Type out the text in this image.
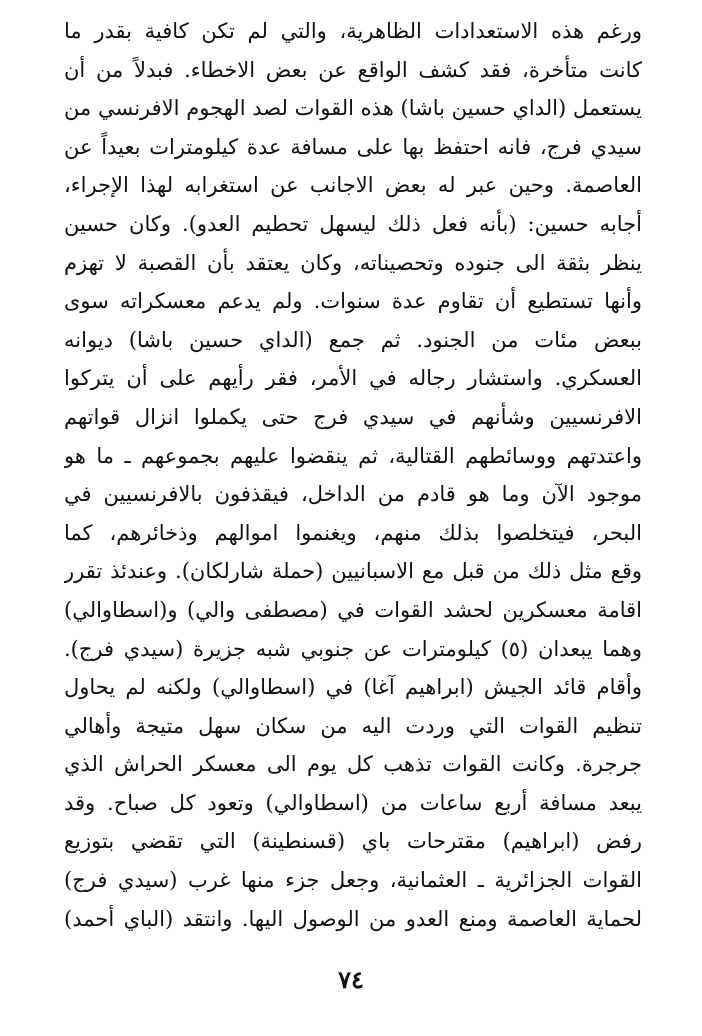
ورغم هذه الاستعدادات الظاهرية، والتي لم تكن كافية بقدر ما
كانت متأخرة، فقد كشف الواقع عن بعض الاخطاء. فبدلاً من أن
يستعمل (الداي حسين باشا) هذه القوات لصد الهجوم الافرنسي من
سيدي فرج، فانه احتفظ بها على مسافة عدة كيلومترات بعيداً عن
العاصمة. وحين عبر له بعض الاجانب عن استغرابه لهذا الإجراء،
أجابه حسين: (بأنه فعل ذلك ليسهل تحطيم العدو). وكان حسين
ينظر بثقة الى جنوده وتحصيناته، وكان يعتقد بأن القصبة لا تهزم
وأنها تستطيع أن تقاوم عدة سنوات. ولم يدعم معسكراته سوى
ببعض مئات من الجنود. ثم جمع (الداي حسين باشا) ديوانه
العسكري. واستشار رجاله في الأمر، فقر رأيهم على أن يتركوا
الافرنسيين وشأنهم في سيدي فرج حتى يكملوا انزال قواتهم
واعتدتهم ووسائطهم القتالية، ثم ينقضوا عليهم بجموعهم ـ ما هو
موجود الآن وما هو قادم من الداخل، فيقذفون بالافرنسيين في
البحر، فيتخلصوا بذلك منهم، ويغنموا اموالهم وذخائرهم، كما
وقع مثل ذلك من قبل مع الاسبانيين (حملة شارلكان). وعندئذ تقرر
اقامة معسكرين لحشد القوات في (مصطفى والي) و(اسطاوالي)
وهما يبعدان (٥) كيلومترات عن جنوبي شبه جزيرة (سيدي فرج).
وأقام قائد الجيش (ابراهيم آغا) في (اسطاوالي) ولكنه لم يحاول
تنظيم القوات التي وردت اليه من سكان سهل متيجة وأهالي
جرجرة. وكانت القوات تذهب كل يوم الى معسكر الحراش الذي
يبعد مسافة أربع ساعات من (اسطاوالي) وتعود كل صباح. وقد
رفض (ابراهيم) مقترحات باي (قسنطينة) التي تقضي بتوزيع
القوات الجزائرية ـ العثمانية، وجعل جزء منها غرب (سيدي فرج)
لحماية العاصمة ومنع العدو من الوصول اليها. وانتقد (الباي أحمد)
٧٤
